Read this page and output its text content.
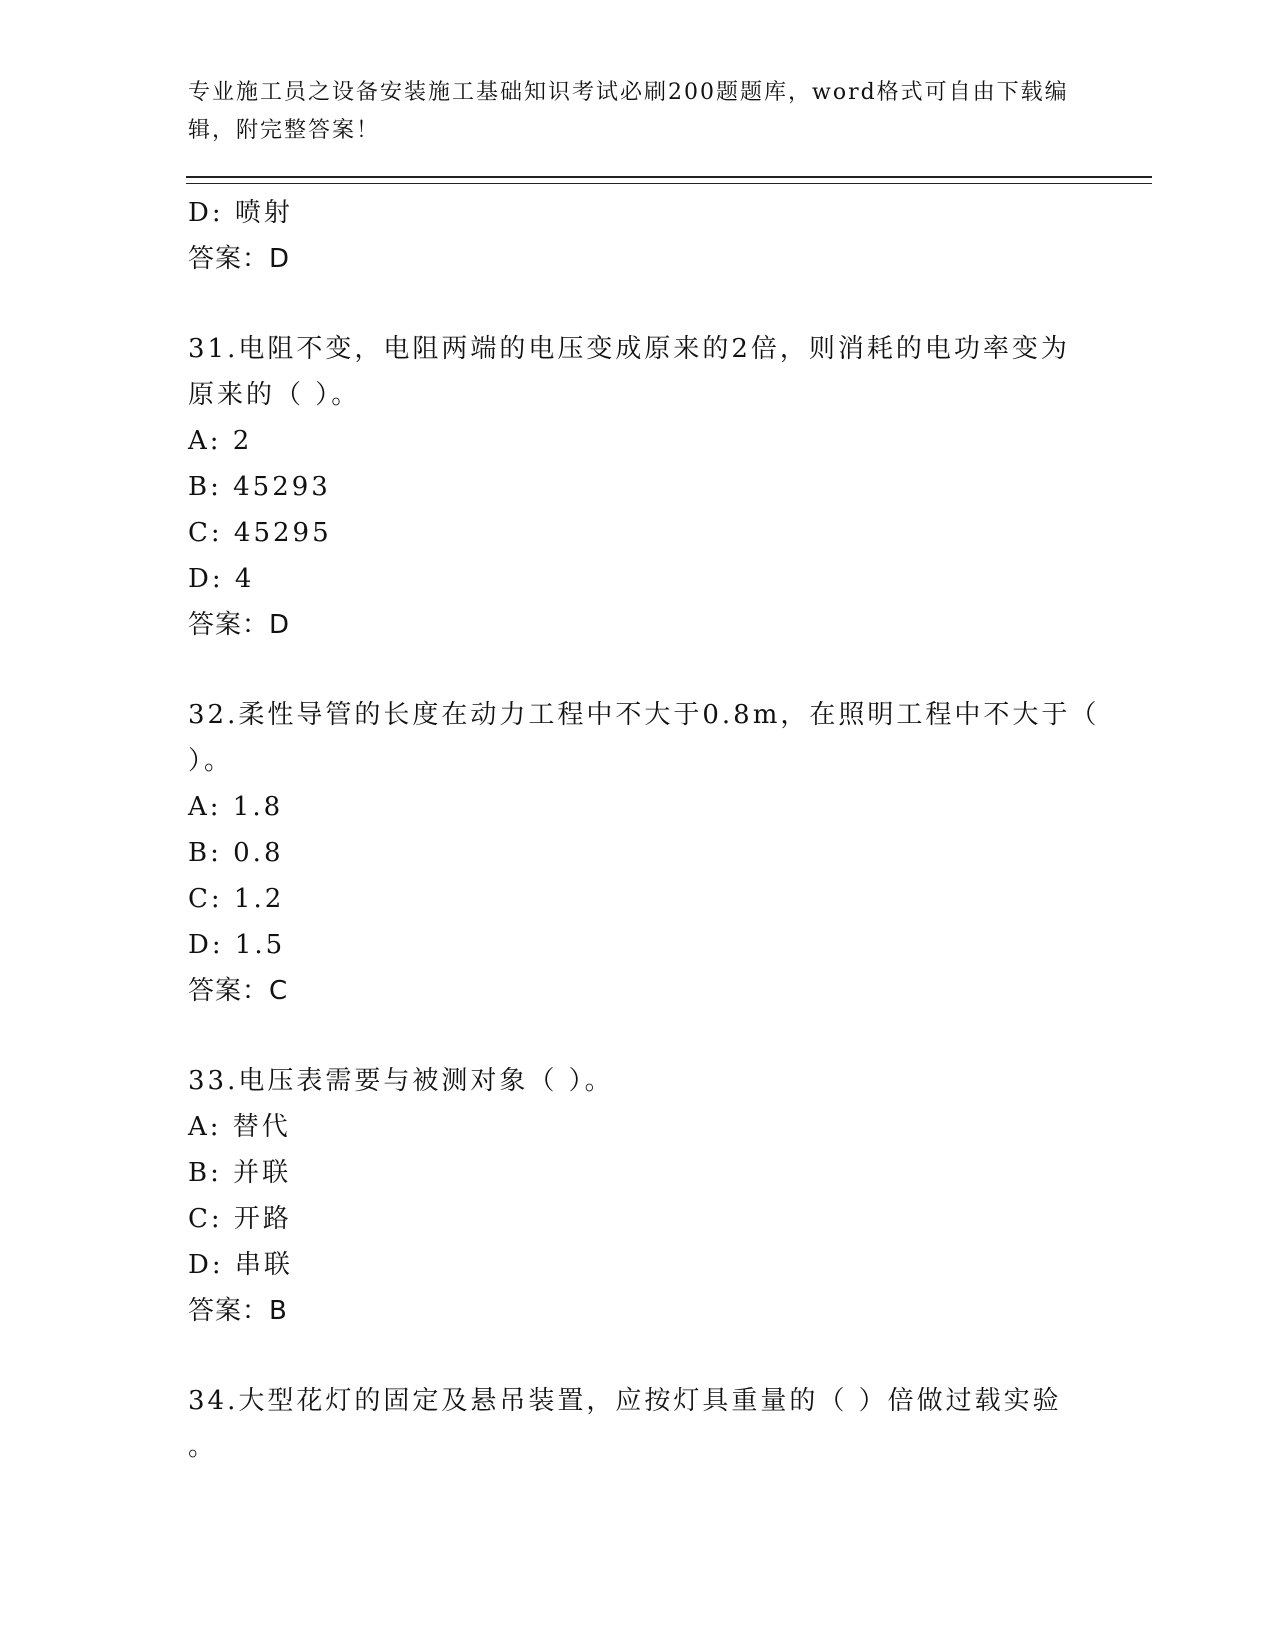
专业施工员之设备安装施工基础知识考试必刷200题题库，word格式可自由下载编辑，附完整答案！
D: 喷射
答案：D
31.电阻不变，电阻两端的电压变成原来的2倍，则消耗的电功率变为
原来的（ ）。
A: 2
B: 45293
C: 45295
D: 4
答案：D
32.柔性导管的长度在动力工程中不大于0.8m，在照明工程中不大于（
）。
A: 1.8
B: 0.8
C: 1.2
D: 1.5
答案：C
33.电压表需要与被测对象（ ）。
A: 替代
B: 并联
C: 开路
D: 串联
答案：B
34.大型花灯的固定及悬吊装置，应按灯具重量的（ ）倍做过载实验
。
